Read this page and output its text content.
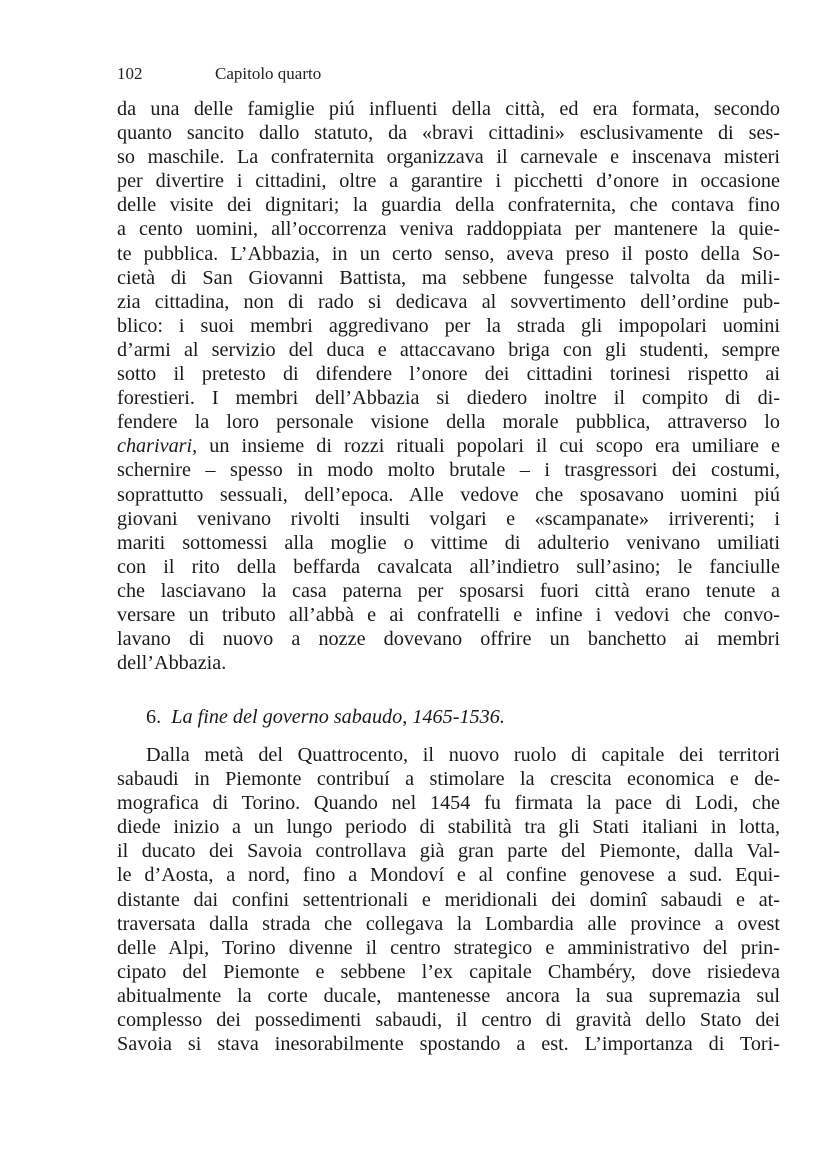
102	Capitolo quarto
da una delle famiglie piú influenti della città, ed era formata, secondo
quanto sancito dallo statuto, da «bravi cittadini» esclusivamente di ses-
so maschile. La confraternita organizzava il carnevale e inscenava misteri
per divertire i cittadini, oltre a garantire i picchetti d’onore in occasione
delle visite dei dignitari; la guardia della confraternita, che contava fino
a cento uomini, all’occorrenza veniva raddoppiata per mantenere la quie-
te pubblica. L’Abbazia, in un certo senso, aveva preso il posto della So-
cietà di San Giovanni Battista, ma sebbene fungesse talvolta da mili-
zia cittadina, non di rado si dedicava al sovvertimento dell’ordine pub-
blico: i suoi membri aggredivano per la strada gli impopolari uomini
d’armi al servizio del duca e attaccavano briga con gli studenti, sempre
sotto il pretesto di difendere l’onore dei cittadini torinesi rispetto ai
forestieri. I membri dell’Abbazia si diedero inoltre il compito di di-
fendere la loro personale visione della morale pubblica, attraverso lo
charivari, un insieme di rozzi rituali popolari il cui scopo era umiliare e
schernire – spesso in modo molto brutale – i trasgressori dei costumi,
soprattutto sessuali, dell’epoca. Alle vedove che sposavano uomini piú
giovani venivano rivolti insulti volgari e «scampanate» irriverenti; i
mariti sottomessi alla moglie o vittime di adulterio venivano umiliati
con il rito della beffarda cavalcata all’indietro sull’asino; le fanciulle
che lasciavano la casa paterna per sposarsi fuori città erano tenute a
versare un tributo all’abbà e ai confratelli e infine i vedovi che convo-
lavano di nuovo a nozze dovevano offrire un banchetto ai membri
dell’Abbazia.
6. La fine del governo sabaudo, 1465-1536.
Dalla metà del Quattrocento, il nuovo ruolo di capitale dei territori
sabaudi in Piemonte contribuí a stimolare la crescita economica e de-
mografica di Torino. Quando nel 1454 fu firmata la pace di Lodi, che
diede inizio a un lungo periodo di stabilità tra gli Stati italiani in lotta,
il ducato dei Savoia controllava già gran parte del Piemonte, dalla Val-
le d’Aosta, a nord, fino a Mondoví e al confine genovese a sud. Equi-
distante dai confini settentrionali e meridionali dei dominî sabaudi e at-
traversata dalla strada che collegava la Lombardia alle province a ovest
delle Alpi, Torino divenne il centro strategico e amministrativo del prin-
cipato del Piemonte e sebbene l’ex capitale Chambéry, dove risiedeva
abitualmente la corte ducale, mantenesse ancora la sua supremazia sul
complesso dei possedimenti sabaudi, il centro di gravità dello Stato dei
Savoia si stava inesorabilmente spostando a est. L’importanza di Tori-
